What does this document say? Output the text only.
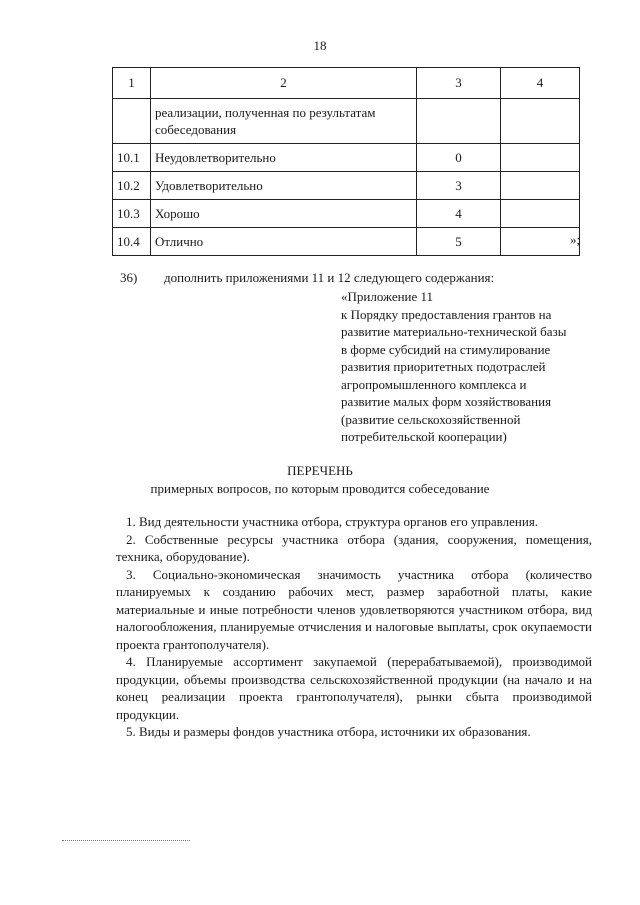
18
1	2	3	4
	реализации, полученная по результатам собеседования		
10.1	Неудовлетворительно	0	
10.2	Удовлетворительно	3	
10.3	Хорошо	4	
10.4	Отлично	5		»;
36)	дополнить приложениями 11 и 12 следующего содержания:
«Приложение 11
к Порядку предоставления грантов на
развитие материально-технической базы
в форме субсидий на стимулирование
развития приоритетных подотраслей
агропромышленного комплекса и
развитие малых форм хозяйствования
(развитие сельскохозяйственной
потребительской кооперации)
ПЕРЕЧЕНЬ
примерных вопросов, по которым проводится собеседование

1. Вид деятельности участника отбора, структура органов его управления.

2. Собственные ресурсы участника отбора (здания, сооружения, помещения, техника, оборудование).

3. Социально-экономическая значимость участника отбора (количество планируемых к созданию рабочих мест, размер заработной платы, какие материальные и иные потребности членов удовлетворяются участником отбора, вид налогообложения, планируемые отчисления и налоговые выплаты, срок окупаемости проекта грантополучателя).

4. Планируемые ассортимент закупаемой (перерабатываемой), производимой продукции, объемы производства сельскохозяйственной продукции (на начало и на конец реализации проекта грантополучателя), рынки сбыта производимой продукции.

5. Виды и размеры фондов участника отбора, источники их образования.
